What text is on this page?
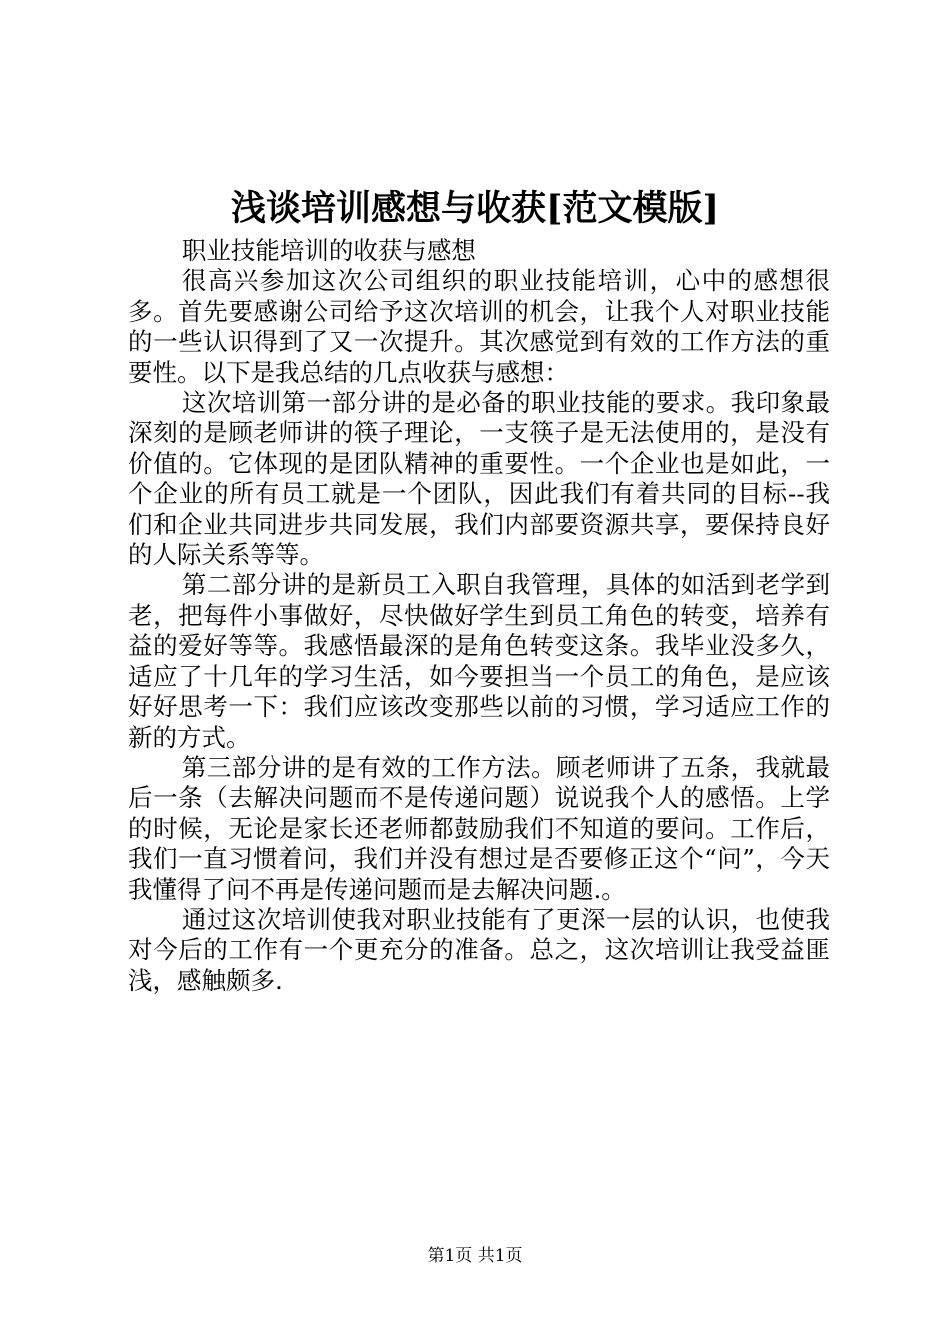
浅谈培训感想与收获[范文模版]

职业技能培训的收获与感想

很高兴参加这次公司组织的职业技能培训，心中的感想很多。首先要感谢公司给予这次培训的机会，让我个人对职业技能的一些认识得到了又一次提升。其次感觉到有效的工作方法的重要性。以下是我总结的几点收获与感想：

这次培训第一部分讲的是必备的职业技能的要求。我印象最深刻的是顾老师讲的筷子理论，一支筷子是无法使用的，是没有价值的。它体现的是团队精神的重要性。一个企业也是如此，一个企业的所有员工就是一个团队，因此我们有着共同的目标--我们和企业共同进步共同发展，我们内部要资源共享，要保持良好的人际关系等等。

第二部分讲的是新员工入职自我管理，具体的如活到老学到老，把每件小事做好，尽快做好学生到员工角色的转变，培养有益的爱好等等。我感悟最深的是角色转变这条。我毕业没多久，适应了十几年的学习生活，如今要担当一个员工的角色，是应该好好思考一下：我们应该改变那些以前的习惯，学习适应工作的新的方式。

第三部分讲的是有效的工作方法。顾老师讲了五条，我就最后一条（去解决问题而不是传递问题）说说我个人的感悟。上学的时候，无论是家长还老师都鼓励我们不知道的要问。工作后，我们一直习惯着问，我们并没有想过是否要修正这个“问”，今天我懂得了问不再是传递问题而是去解决问题.。

通过这次培训使我对职业技能有了更深一层的认识，也使我对今后的工作有一个更充分的准备。总之，这次培训让我受益匪浅，感触颇多.

第1页 共1页
